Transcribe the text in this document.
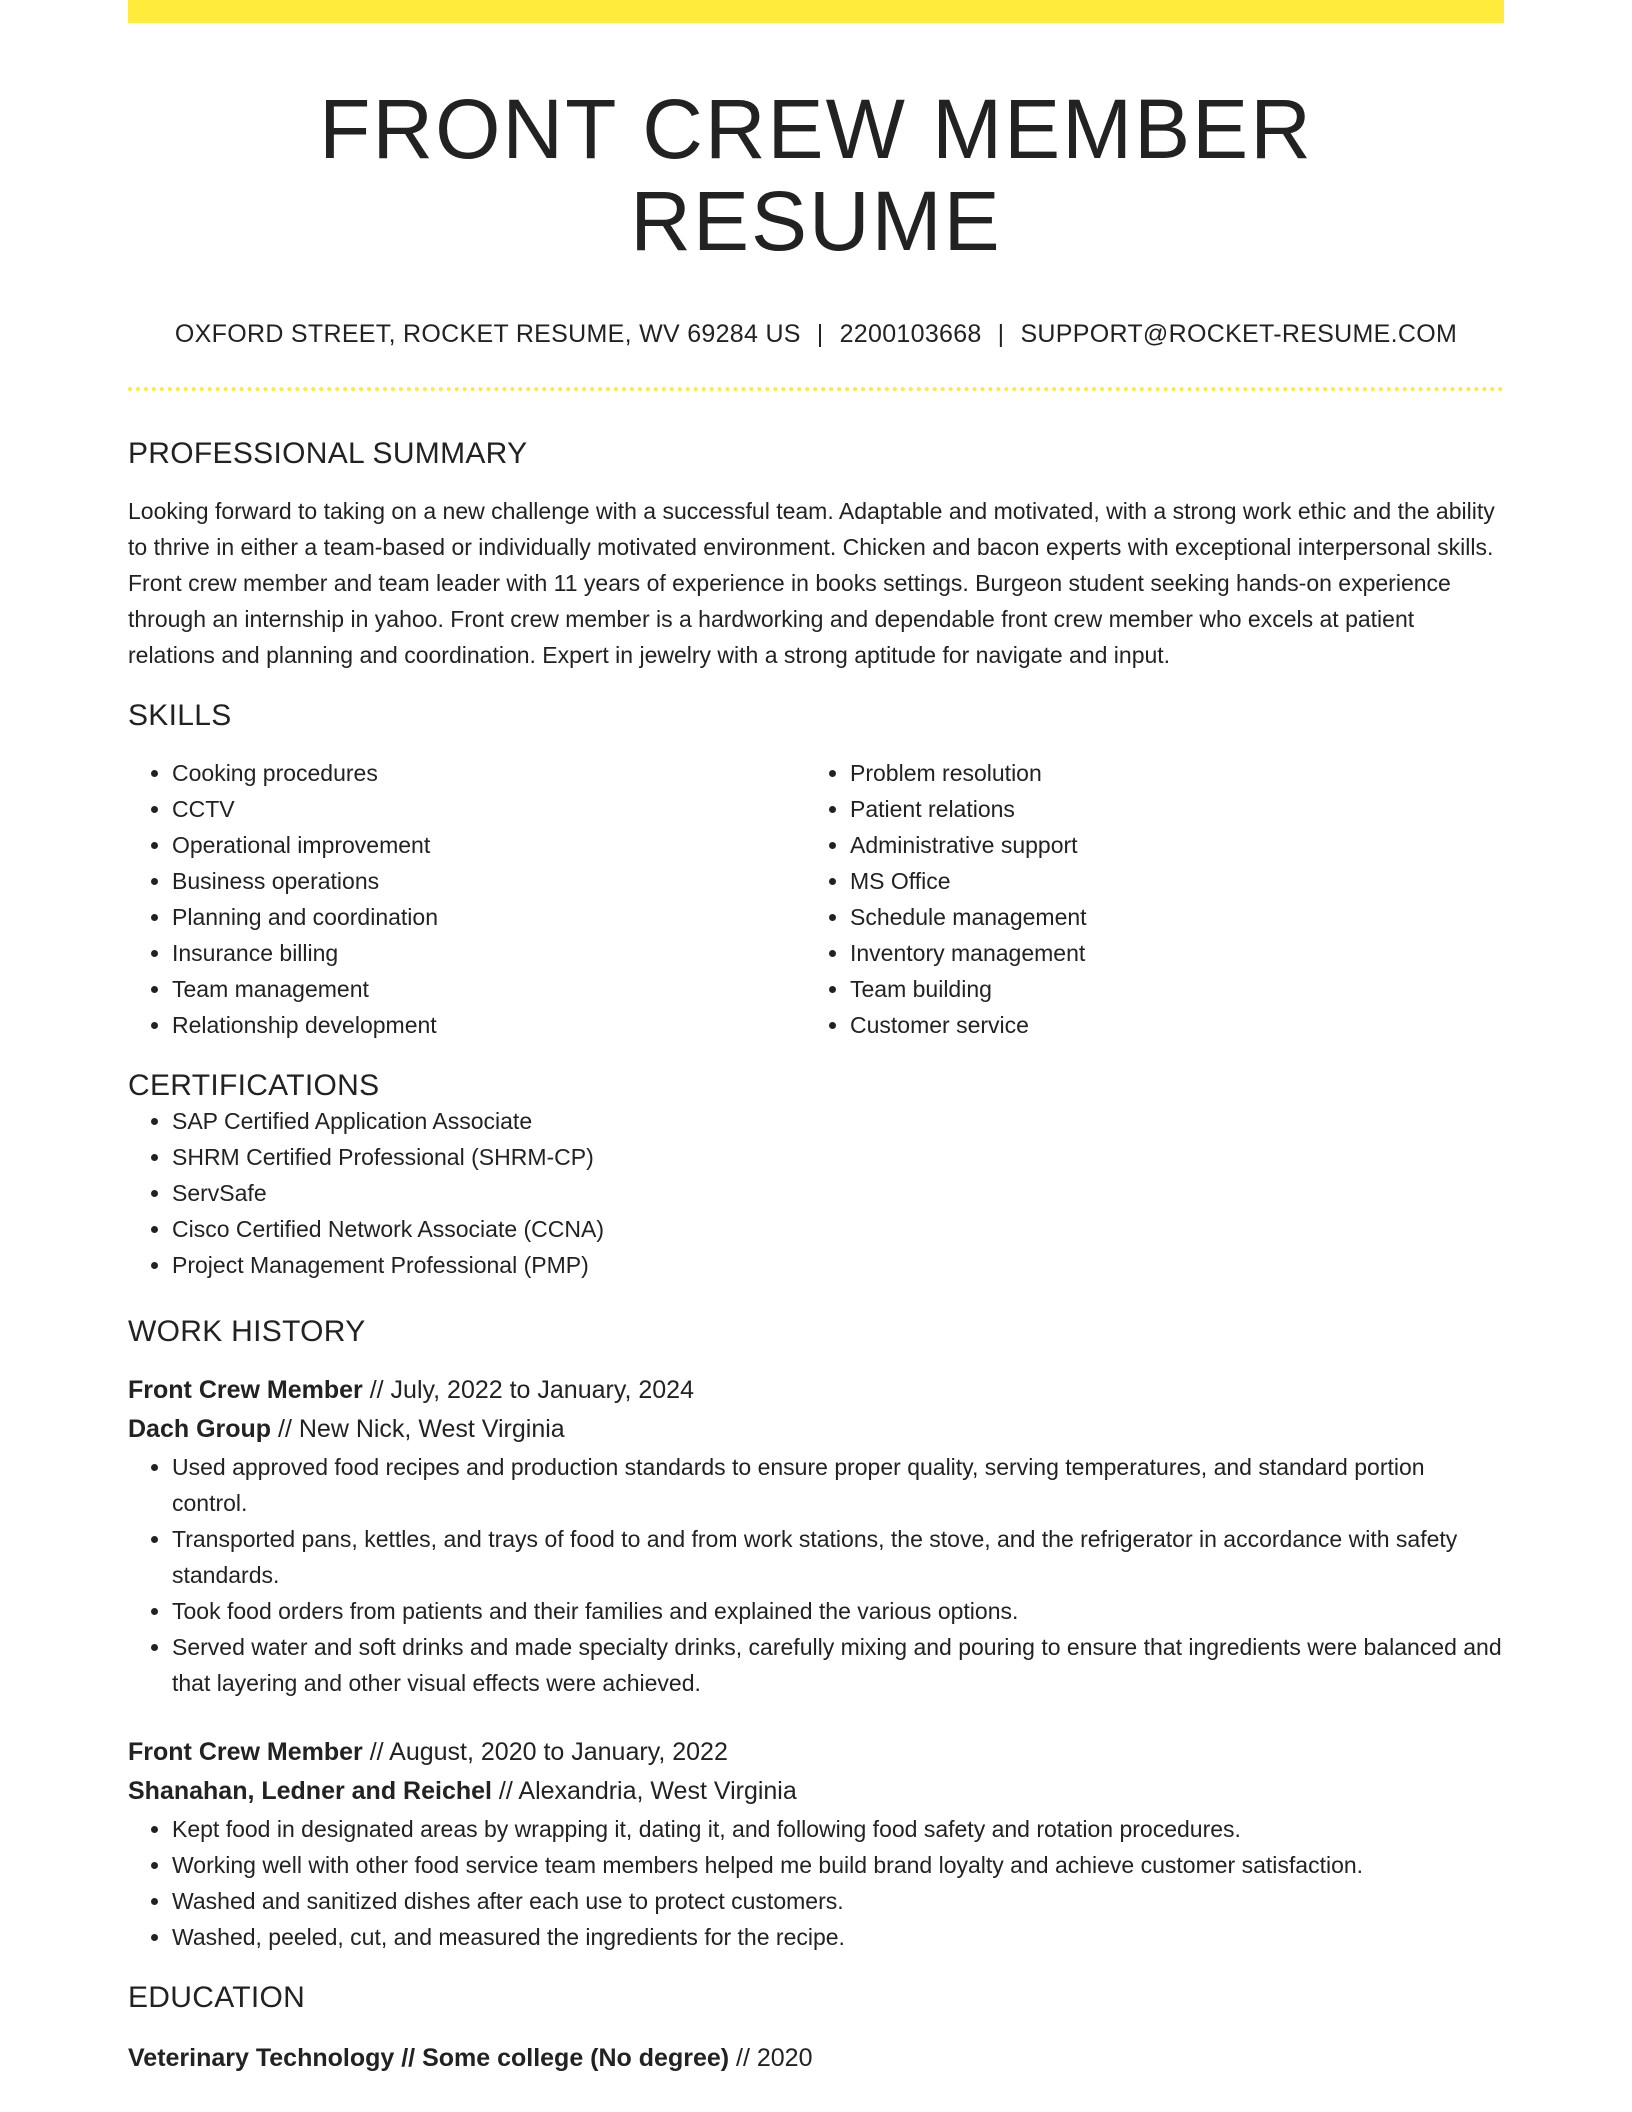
FRONT CREW MEMBER RESUME
OXFORD STREET, ROCKET RESUME, WV 69284 US | 2200103668 | SUPPORT@ROCKET-RESUME.COM
PROFESSIONAL SUMMARY

Looking forward to taking on a new challenge with a successful team. Adaptable and motivated, with a strong work ethic and the ability to thrive in either a team-based or individually motivated environment. Chicken and bacon experts with exceptional interpersonal skills. Front crew member and team leader with 11 years of experience in books settings. Burgeon student seeking hands-on experience through an internship in yahoo. Front crew member is a hardworking and dependable front crew member who excels at patient relations and planning and coordination. Expert in jewelry with a strong aptitude for navigate and input.

SKILLS
• Cooking procedures
• CCTV
• Operational improvement
• Business operations
• Planning and coordination
• Insurance billing
• Team management
• Relationship development
• Problem resolution
• Patient relations
• Administrative support
• MS Office
• Schedule management
• Inventory management
• Team building
• Customer service
CERTIFICATIONS
• SAP Certified Application Associate
• SHRM Certified Professional (SHRM-CP)
• ServSafe
• Cisco Certified Network Associate (CCNA)
• Project Management Professional (PMP)
WORK HISTORY
Front Crew Member // July, 2022 to January, 2024
Dach Group // New Nick, West Virginia
• Used approved food recipes and production standards to ensure proper quality, serving temperatures, and standard portion control.
• Transported pans, kettles, and trays of food to and from work stations, the stove, and the refrigerator in accordance with safety standards.
• Took food orders from patients and their families and explained the various options.
• Served water and soft drinks and made specialty drinks, carefully mixing and pouring to ensure that ingredients were balanced and that layering and other visual effects were achieved.
Front Crew Member // August, 2020 to January, 2022
Shanahan, Ledner and Reichel // Alexandria, West Virginia
• Kept food in designated areas by wrapping it, dating it, and following food safety and rotation procedures.
• Working well with other food service team members helped me build brand loyalty and achieve customer satisfaction.
• Washed and sanitized dishes after each use to protect customers.
• Washed, peeled, cut, and measured the ingredients for the recipe.
EDUCATION
Veterinary Technology // Some college (No degree) // 2020
